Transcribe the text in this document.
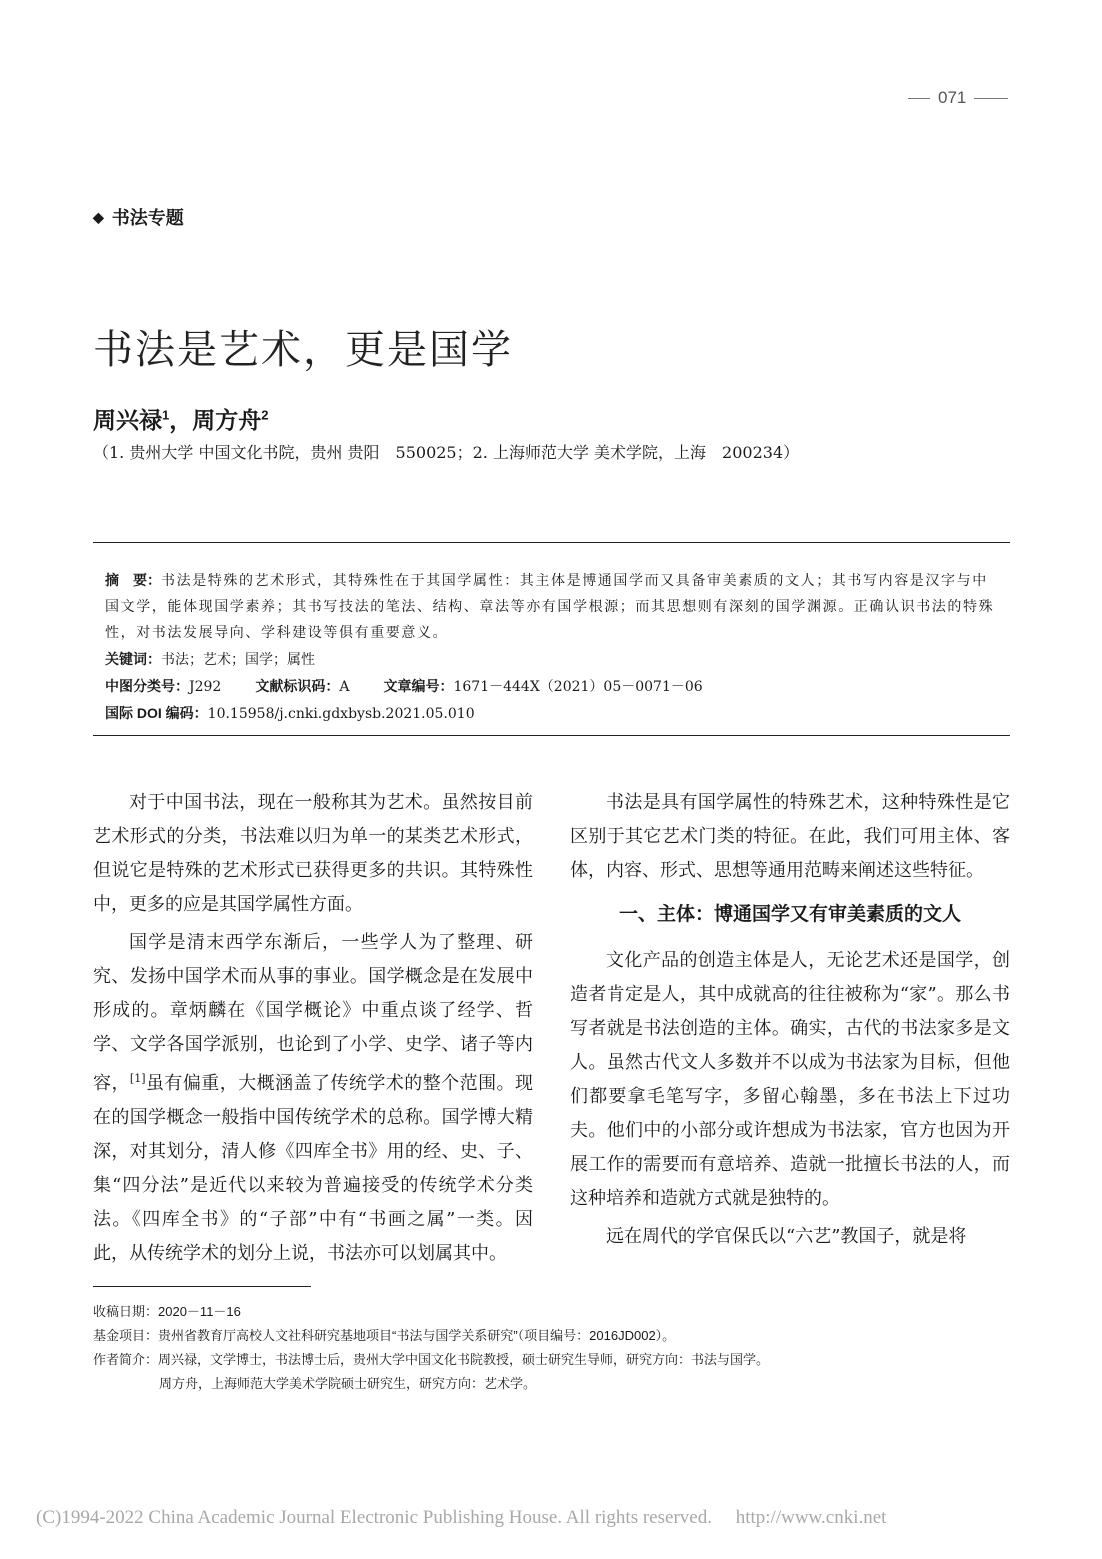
071
◆ 书法专题
书法是艺术，更是国学
周兴禄$^1$，周方舟$^2$
（1. 贵州大学 中国文化书院，贵州 贵阳　550025；2. 上海师范大学 美术学院，上海　200234）

摘　要：书法是特殊的艺术形式，其特殊性在于其国学属性：其主体是博通国学而又具备审美素质的文人；其书写内容是汉字与中国文学，能体现国学素养；其书写技法的笔法、结构、章法等亦有国学根源；而其思想则有深刻的国学渊源。正确认识书法的特殊性，对书法发展导向、学科建设等俱有重要意义。

关键词：书法；艺术；国学；属性

中图分类号：J292 文献标识码：A 文章编号：1671－444X（2021）05－0071－06

国际 DOI 编码：10.15958/j.cnki.gdxbysb.2021.05.010

对于中国书法，现在一般称其为艺术。虽然按目前艺术形式的分类，书法难以归为单一的某类艺术形式，但说它是特殊的艺术形式已获得更多的共识。其特殊性中，更多的应是其国学属性方面。

国学是清末西学东渐后，一些学人为了整理、研究、发扬中国学术而从事的事业。国学概念是在发展中形成的。章炳麟在《国学概论》中重点谈了经学、哲学、文学各国学派别，也论到了小学、史学、诸子等内容，[1]虽有偏重，大概涵盖了传统学术的整个范围。现在的国学概念一般指中国传统学术的总称。国学博大精深，对其划分，清人修《四库全书》用的经、史、子、集“四分法”是近代以来较为普遍接受的传统学术分类法。《四库全书》的“子部”中有“书画之属”一类。因此，从传统学术的划分上说，书法亦可以划属其中。

书法是具有国学属性的特殊艺术，这种特殊性是它区别于其它艺术门类的特征。在此，我们可用主体、客体，内容、形式、思想等通用范畴来阐述这些特征。

一、主体：博通国学又有审美素质的文人

文化产品的创造主体是人，无论艺术还是国学，创造者肯定是人，其中成就高的往往被称为“家”。那么书写者就是书法创造的主体。确实，古代的书法家多是文人。虽然古代文人多数并不以成为书法家为目标，但他们都要拿毛笔写字，多留心翰墨，多在书法上下过功夫。他们中的小部分或许想成为书法家，官方也因为开展工作的需要而有意培养、造就一批擅长书法的人，而这种培养和造就方式就是独特的。

远在周代的学官保氏以“六艺”教国子，就是将

收稿日期：2020－11－16

基金项目：贵州省教育厅高校人文社科研究基地项目“书法与国学关系研究”（项目编号：2016JD002）。

作者简介：周兴禄，文学博士，书法博士后，贵州大学中国文化书院教授，硕士研究生导师，研究方向：书法与国学。

周方舟，上海师范大学美术学院硕士研究生，研究方向：艺术学。

(C)1994-2022 China Academic Journal Electronic Publishing House. All rights reserved.　 http://www.cnki.net
